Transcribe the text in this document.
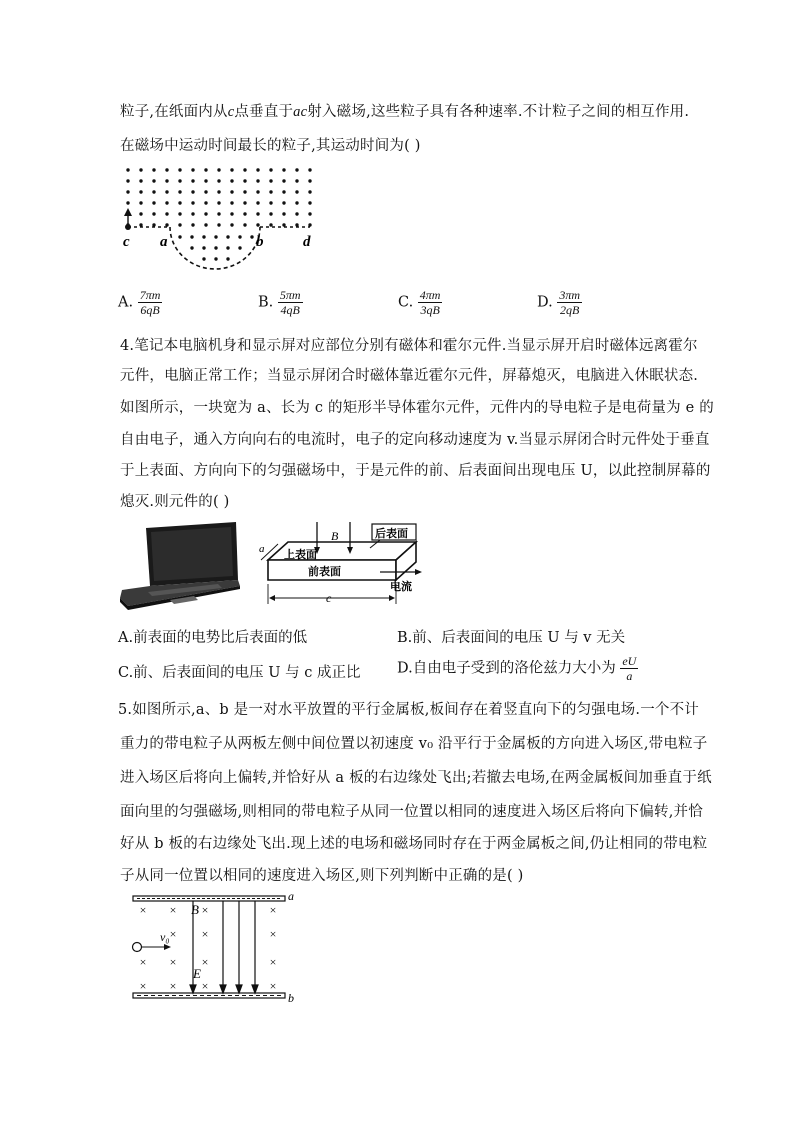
粒子,在纸面内从c点垂直于ac射入磁场,这些粒子具有各种速率.不计粒子之间的相互作用.
在磁场中运动时间最长的粒子,其运动时间为( )
c a	b	d
A. $\frac{7\pi m}{6qB}$	B. $\frac{5\pi m}{4qB}$	C. $\frac{4\pi m}{3qB}$	D. $\frac{3\pi m}{2qB}$
4.笔记本电脑机身和显示屏对应部位分别有磁体和霍尔元件.当显示屏开启时磁体远离霍尔
元件，电脑正常工作；当显示屏闭合时磁体靠近霍尔元件，屏幕熄灭，电脑进入休眠状态.
如图所示，一块宽为 a、长为 c 的矩形半导体霍尔元件，元件内的导电粒子是电荷量为 e 的
自由电子，通入方向向右的电流时，电子的定向移动速度为 v.当显示屏闭合时元件处于垂直
于上表面、方向向下的匀强磁场中，于是元件的前、后表面间出现电压 U，以此控制屏幕的
熄灭.则元件的( )
B	后表面
上表面
前表面
电流
a
c
A.前表面的电势比后表面的低	B.前、后表面间的电压 U 与 v 无关
C.前、后表面间的电压 U 与 c 成正比	D.自由电子受到的洛伦兹力大小为 $\frac{eU}{a}$
5.如图所示,a、b 是一对水平放置的平行金属板,板间存在着竖直向下的匀强电场.一个不计
重力的带电粒子从两板左侧中间位置以初速度 v₀ 沿平行于金属板的方向进入场区,带电粒子
进入场区后将向上偏转,并恰好从 a 板的右边缘处飞出;若撤去电场,在两金属板间加垂直于纸
面向里的匀强磁场,则相同的带电粒子从同一位置以相同的速度进入场区后将向下偏转,并恰
好从 b 板的右边缘处飞出.现上述的电场和磁场同时存在于两金属板之间,仍让相同的带电粒
子从同一位置以相同的速度进入场区,则下列判断中正确的是( )
a
b
B
E
v₀
× × ×	×
× ×	×
× × ×	×
× × ×	×
